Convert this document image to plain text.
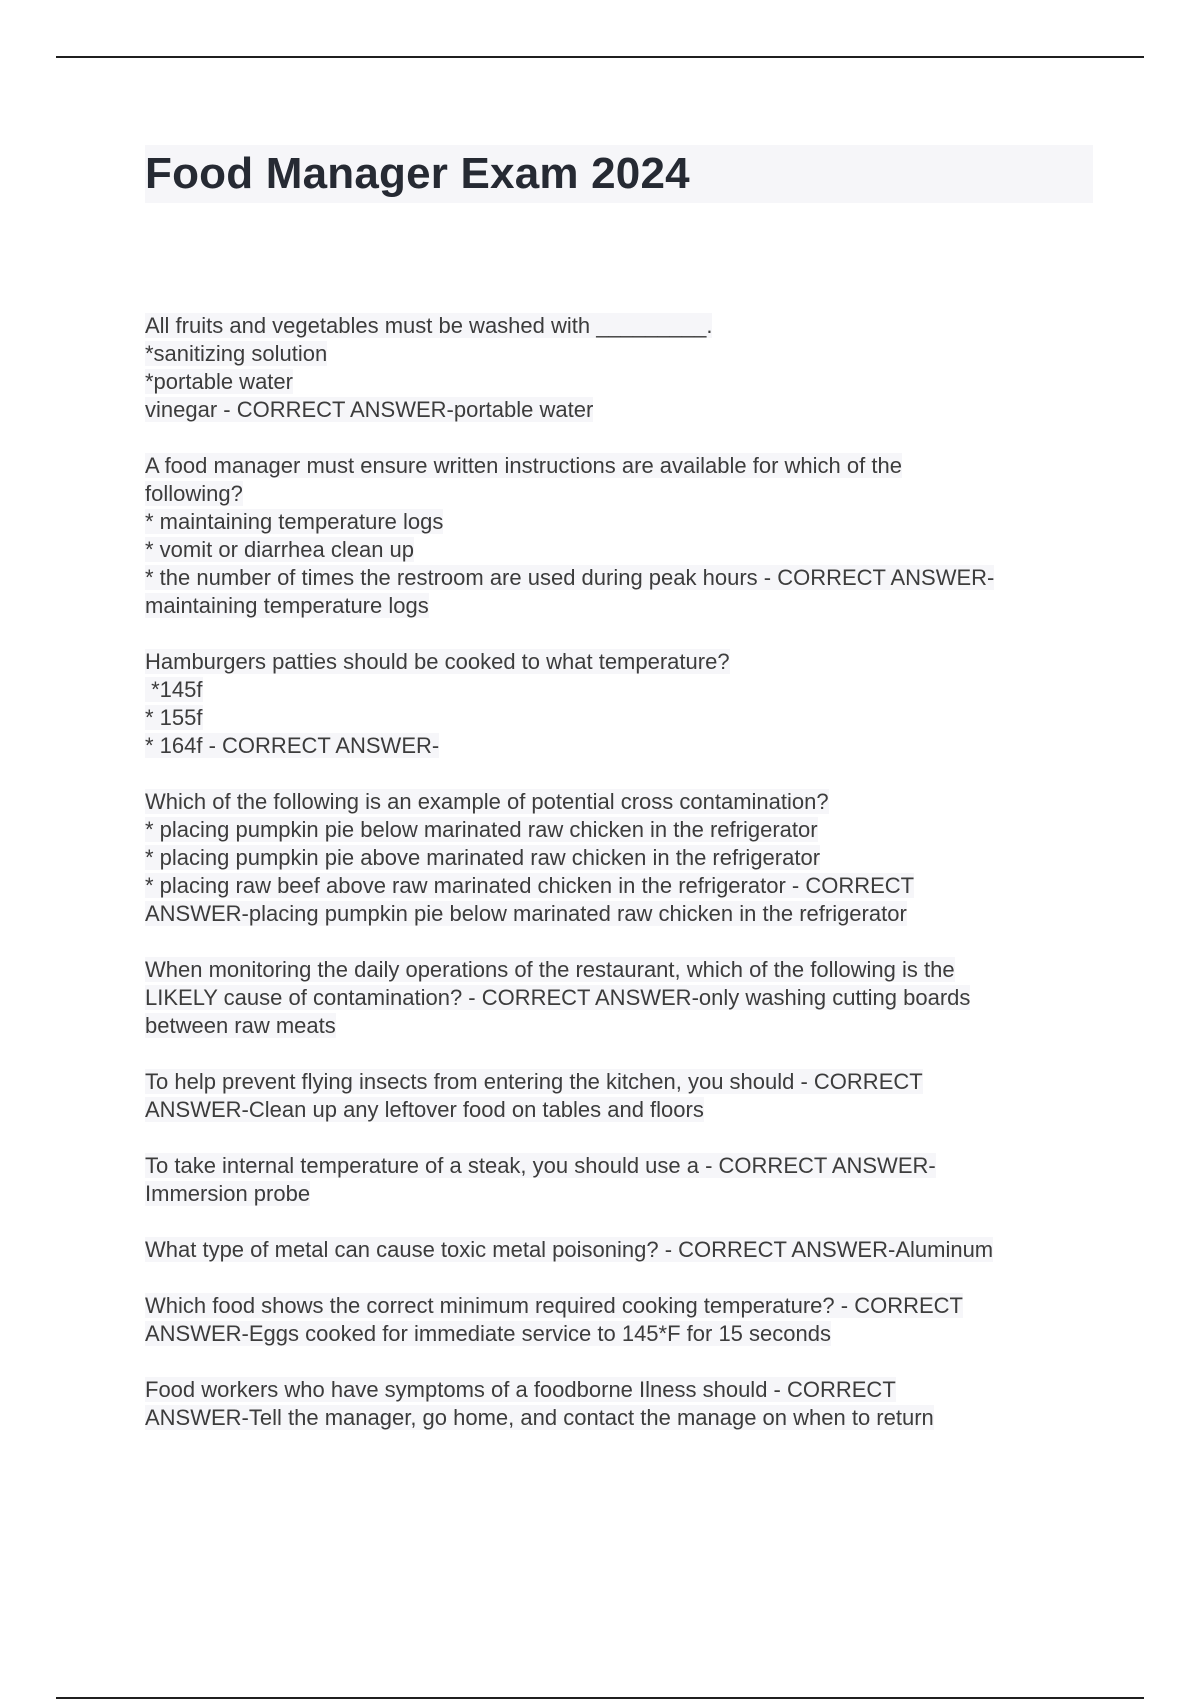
Food Manager Exam 2024
All fruits and vegetables must be washed with _________.
*sanitizing solution
*portable water
vinegar - CORRECT ANSWER-portable water
A food manager must ensure written instructions are available for which of the
following?
* maintaining temperature logs
* vomit or diarrhea clean up
* the number of times the restroom are used during peak hours - CORRECT ANSWER-
maintaining temperature logs
Hamburgers patties should be cooked to what temperature?
*145f
* 155f
* 164f - CORRECT ANSWER-
Which of the following is an example of potential cross contamination?
* placing pumpkin pie below marinated raw chicken in the refrigerator
* placing pumpkin pie above marinated raw chicken in the refrigerator
* placing raw beef above raw marinated chicken in the refrigerator - CORRECT
ANSWER-placing pumpkin pie below marinated raw chicken in the refrigerator
When monitoring the daily operations of the restaurant, which of the following is the
LIKELY cause of contamination? - CORRECT ANSWER-only washing cutting boards
between raw meats
To help prevent flying insects from entering the kitchen, you should - CORRECT
ANSWER-Clean up any leftover food on tables and floors
To take internal temperature of a steak, you should use a - CORRECT ANSWER-
Immersion probe
What type of metal can cause toxic metal poisoning? - CORRECT ANSWER-Aluminum
Which food shows the correct minimum required cooking temperature? - CORRECT
ANSWER-Eggs cooked for immediate service to 145*F for 15 seconds
Food workers who have symptoms of a foodborne Ilness should - CORRECT
ANSWER-Tell the manager, go home, and contact the manage on when to return
